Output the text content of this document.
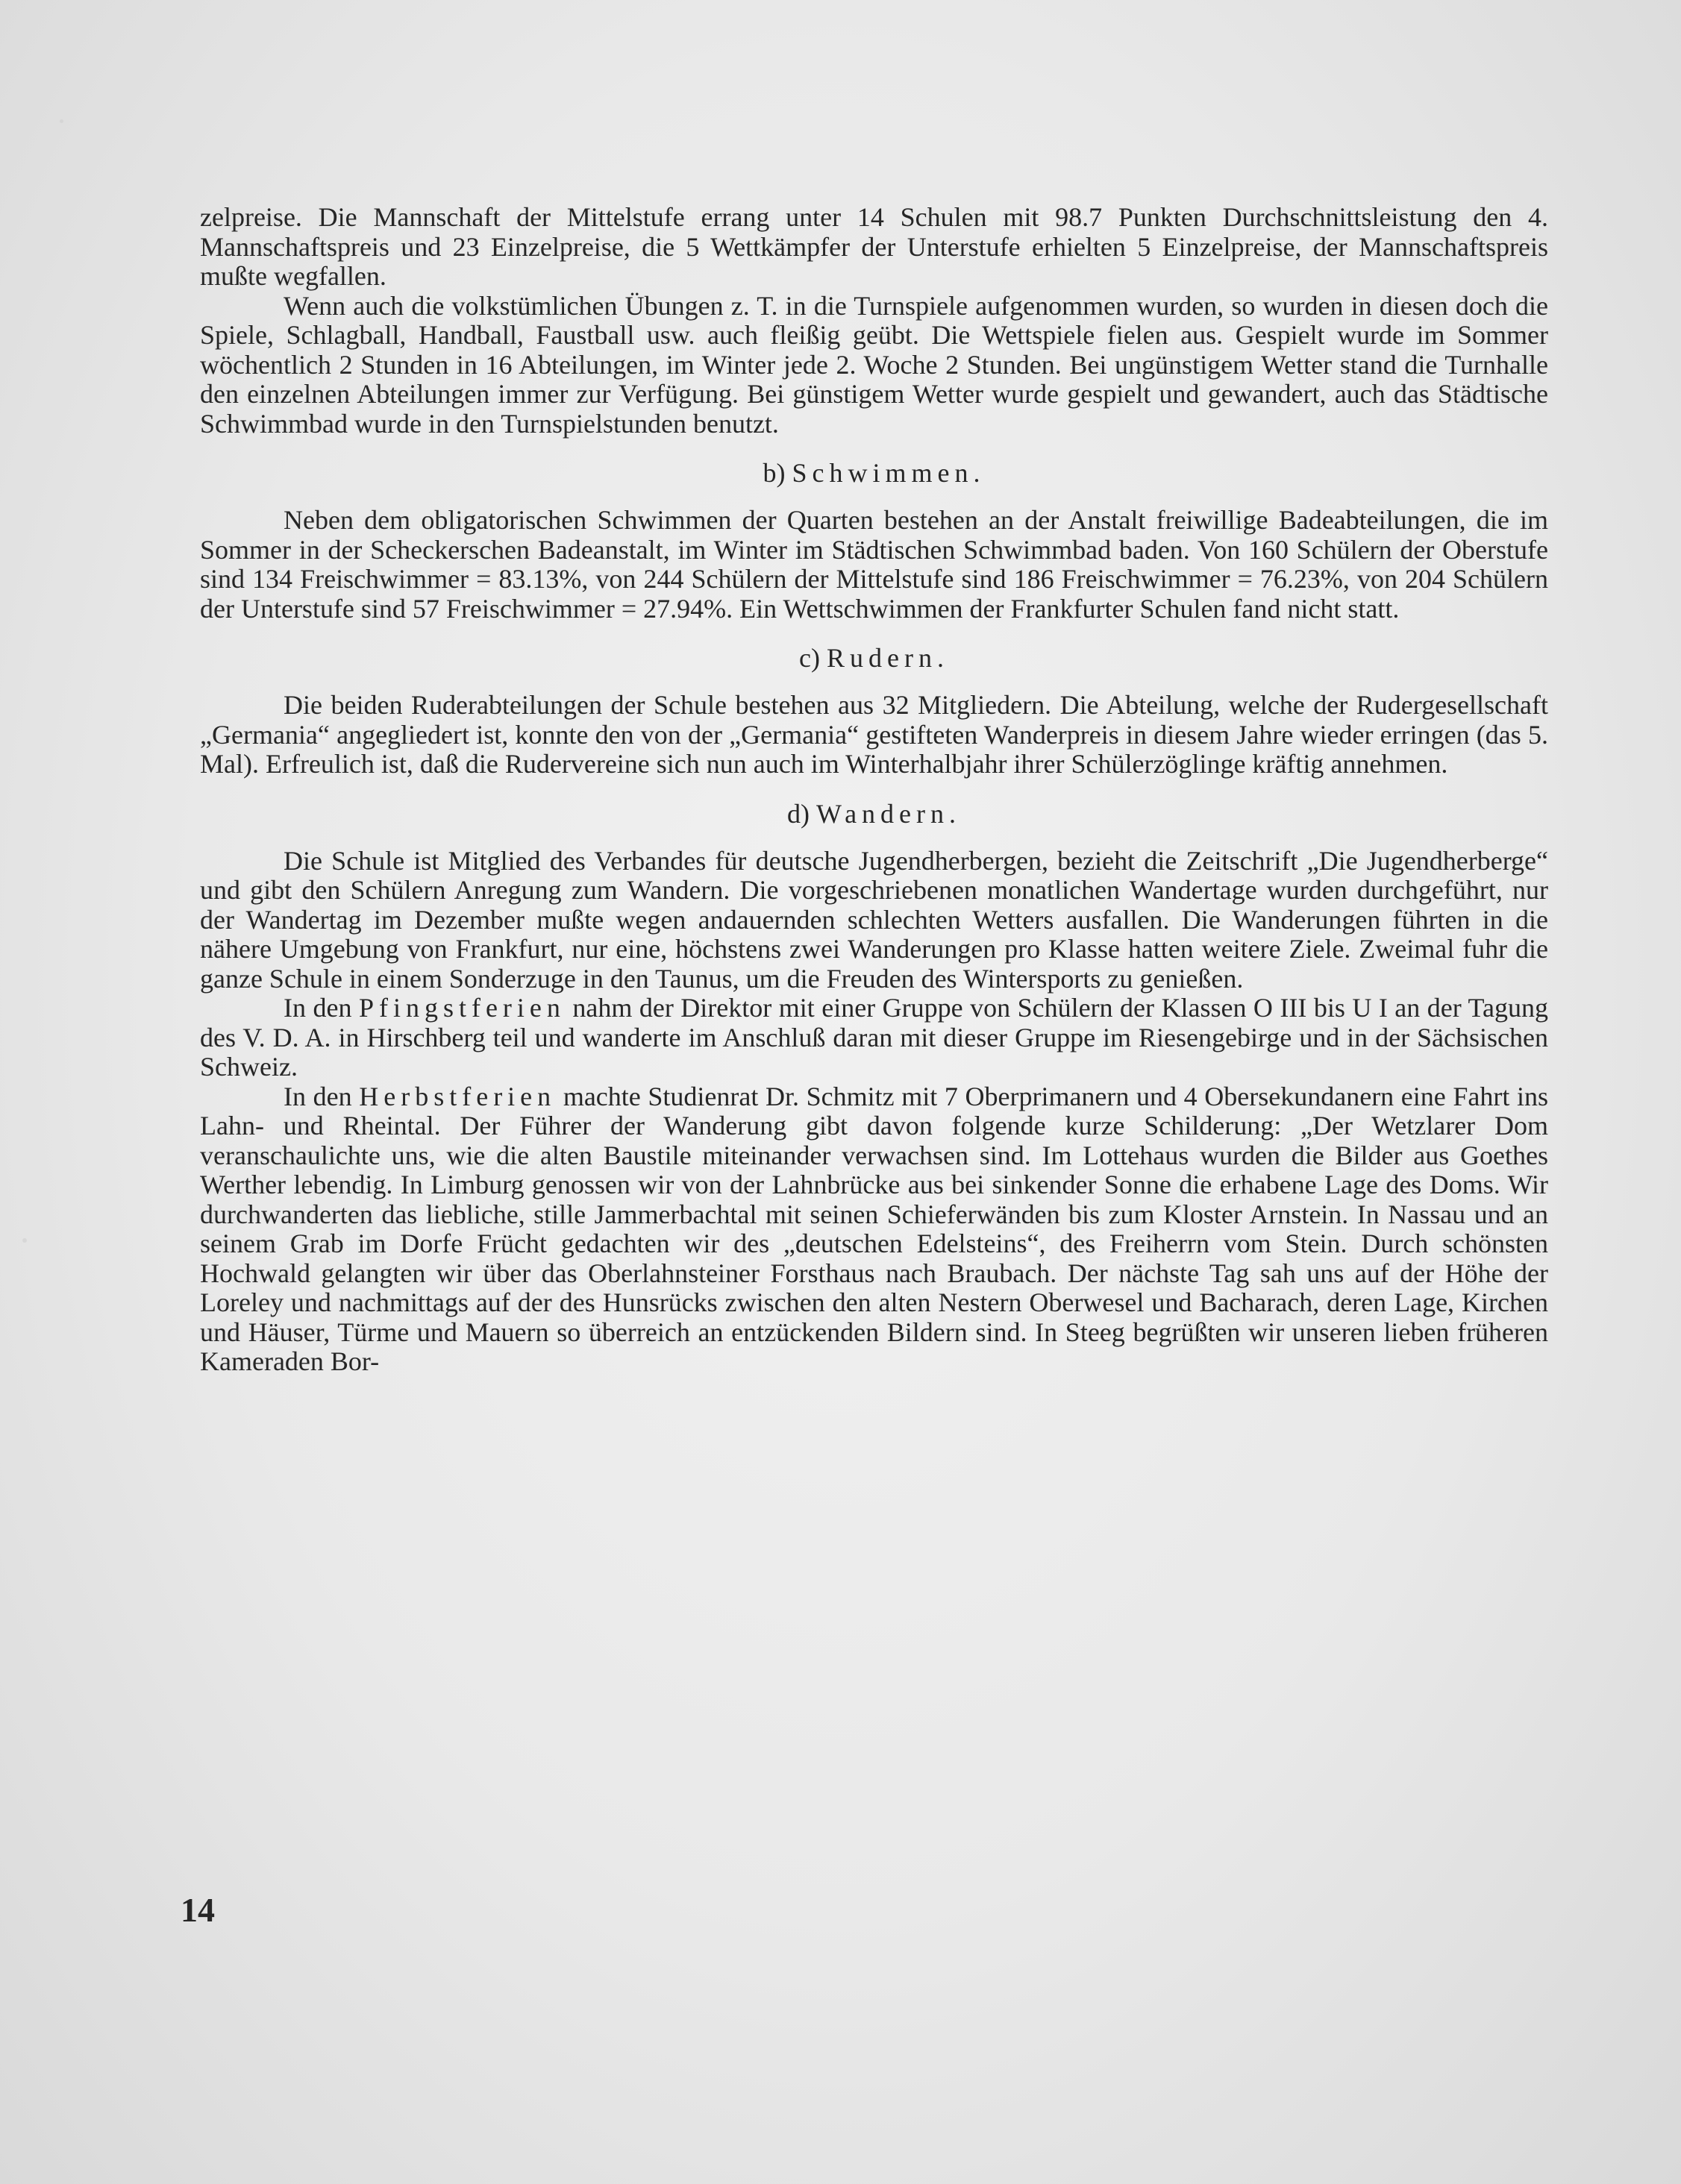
zelpreise. Die Mannschaft der Mittelstufe errang unter 14 Schulen mit 98.7 Punkten Durchschnittsleistung den 4. Mannschaftspreis und 23 Einzelpreise, die 5 Wettkämpfer der Unterstufe erhielten 5 Einzelpreise, der Mannschaftspreis mußte wegfallen.

Wenn auch die volkstümlichen Übungen z. T. in die Turnspiele aufgenommen wurden, so wurden in diesen doch die Spiele, Schlagball, Handball, Faustball usw. auch fleißig geübt. Die Wettspiele fielen aus. Gespielt wurde im Sommer wöchentlich 2 Stunden in 16 Abteilungen, im Winter jede 2. Woche 2 Stunden. Bei ungünstigem Wetter stand die Turnhalle den einzelnen Abteilungen immer zur Verfügung. Bei günstigem Wetter wurde gespielt und gewandert, auch das Städtische Schwimmbad wurde in den Turnspielstunden benutzt.

b) Schwimmen.

Neben dem obligatorischen Schwimmen der Quarten bestehen an der Anstalt freiwillige Badeabteilungen, die im Sommer in der Scheckerschen Badeanstalt, im Winter im Städtischen Schwimmbad baden. Von 160 Schülern der Oberstufe sind 134 Freischwimmer = 83.13%, von 244 Schülern der Mittelstufe sind 186 Freischwimmer = 76.23%, von 204 Schülern der Unterstufe sind 57 Freischwimmer = 27.94%. Ein Wettschwimmen der Frankfurter Schulen fand nicht statt.

c) Rudern.

Die beiden Ruderabteilungen der Schule bestehen aus 32 Mitgliedern. Die Abteilung, welche der Rudergesellschaft „Germania“ angegliedert ist, konnte den von der „Germania“ gestifteten Wanderpreis in diesem Jahre wieder erringen (das 5. Mal). Erfreulich ist, daß die Rudervereine sich nun auch im Winterhalbjahr ihrer Schülerzöglinge kräftig annehmen.

d) Wandern.

Die Schule ist Mitglied des Verbandes für deutsche Jugendherbergen, bezieht die Zeitschrift „Die Jugendherberge“ und gibt den Schülern Anregung zum Wandern. Die vorgeschriebenen monatlichen Wandertage wurden durchgeführt, nur der Wandertag im Dezember mußte wegen andauernden schlechten Wetters ausfallen. Die Wanderungen führten in die nähere Umgebung von Frankfurt, nur eine, höchstens zwei Wanderungen pro Klasse hatten weitere Ziele. Zweimal fuhr die ganze Schule in einem Sonderzuge in den Taunus, um die Freuden des Wintersports zu genießen.

In den Pfingstferien nahm der Direktor mit einer Gruppe von Schülern der Klassen O III bis U I an der Tagung des V. D. A. in Hirschberg teil und wanderte im Anschluß daran mit dieser Gruppe im Riesengebirge und in der Sächsischen Schweiz.

In den Herbstferien machte Studienrat Dr. Schmitz mit 7 Oberprimanern und 4 Obersekundanern eine Fahrt ins Lahn- und Rheintal. Der Führer der Wanderung gibt davon folgende kurze Schilderung: „Der Wetzlarer Dom veranschaulichte uns, wie die alten Baustile miteinander verwachsen sind. Im Lottehaus wurden die Bilder aus Goethes Werther lebendig. In Limburg genossen wir von der Lahnbrücke aus bei sinkender Sonne die erhabene Lage des Doms. Wir durchwanderten das liebliche, stille Jammerbachtal mit seinen Schieferwänden bis zum Kloster Arnstein. In Nassau und an seinem Grab im Dorfe Frücht gedachten wir des „deutschen Edelsteins“, des Freiherrn vom Stein. Durch schönsten Hochwald gelangten wir über das Oberlahnsteiner Forsthaus nach Braubach. Der nächste Tag sah uns auf der Höhe der Loreley und nachmittags auf der des Hunsrücks zwischen den alten Nestern Oberwesel und Bacharach, deren Lage, Kirchen und Häuser, Türme und Mauern so überreich an entzückenden Bildern sind. In Steeg begrüßten wir unseren lieben früheren Kameraden Bor-

14
